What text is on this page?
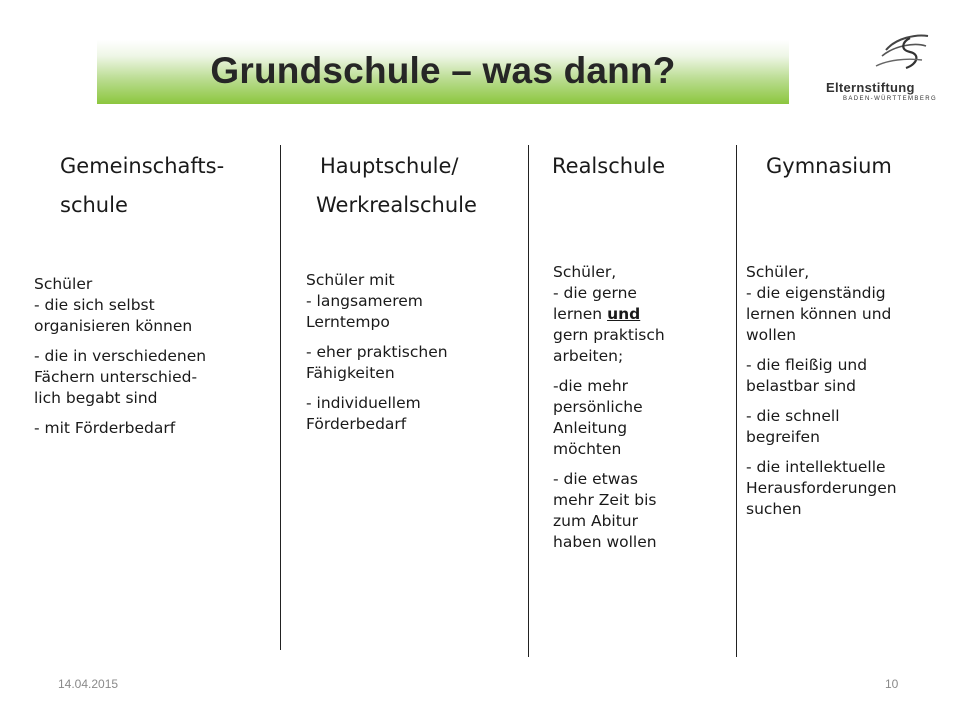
Grundschule – was dann?	Elternstiftung
BADEN-WÜRTTEMBERG
Gemeinschafts-
schule

Schüler
- die sich selbst
organisieren können

- die in verschiedenen
Fächern unterschied-
lich begabt sind

- mit Förderbedarf

Hauptschule/
Werkrealschule

Schüler mit
- langsamerem
Lerntempo

- eher praktischen
Fähigkeiten

- individuellem
Förderbedarf

Realschule

Schüler,
- die gerne
lernen und
gern praktisch
arbeiten;

-die mehr
persönliche
Anleitung
möchten

- die etwas
mehr Zeit bis
zum Abitur
haben wollen

Gymnasium

Schüler,
- die eigenständig
lernen können und
wollen

- die fleißig und
belastbar sind

- die schnell
begreifen

- die intellektuelle
Herausforderungen
suchen

14.04.2015	10
